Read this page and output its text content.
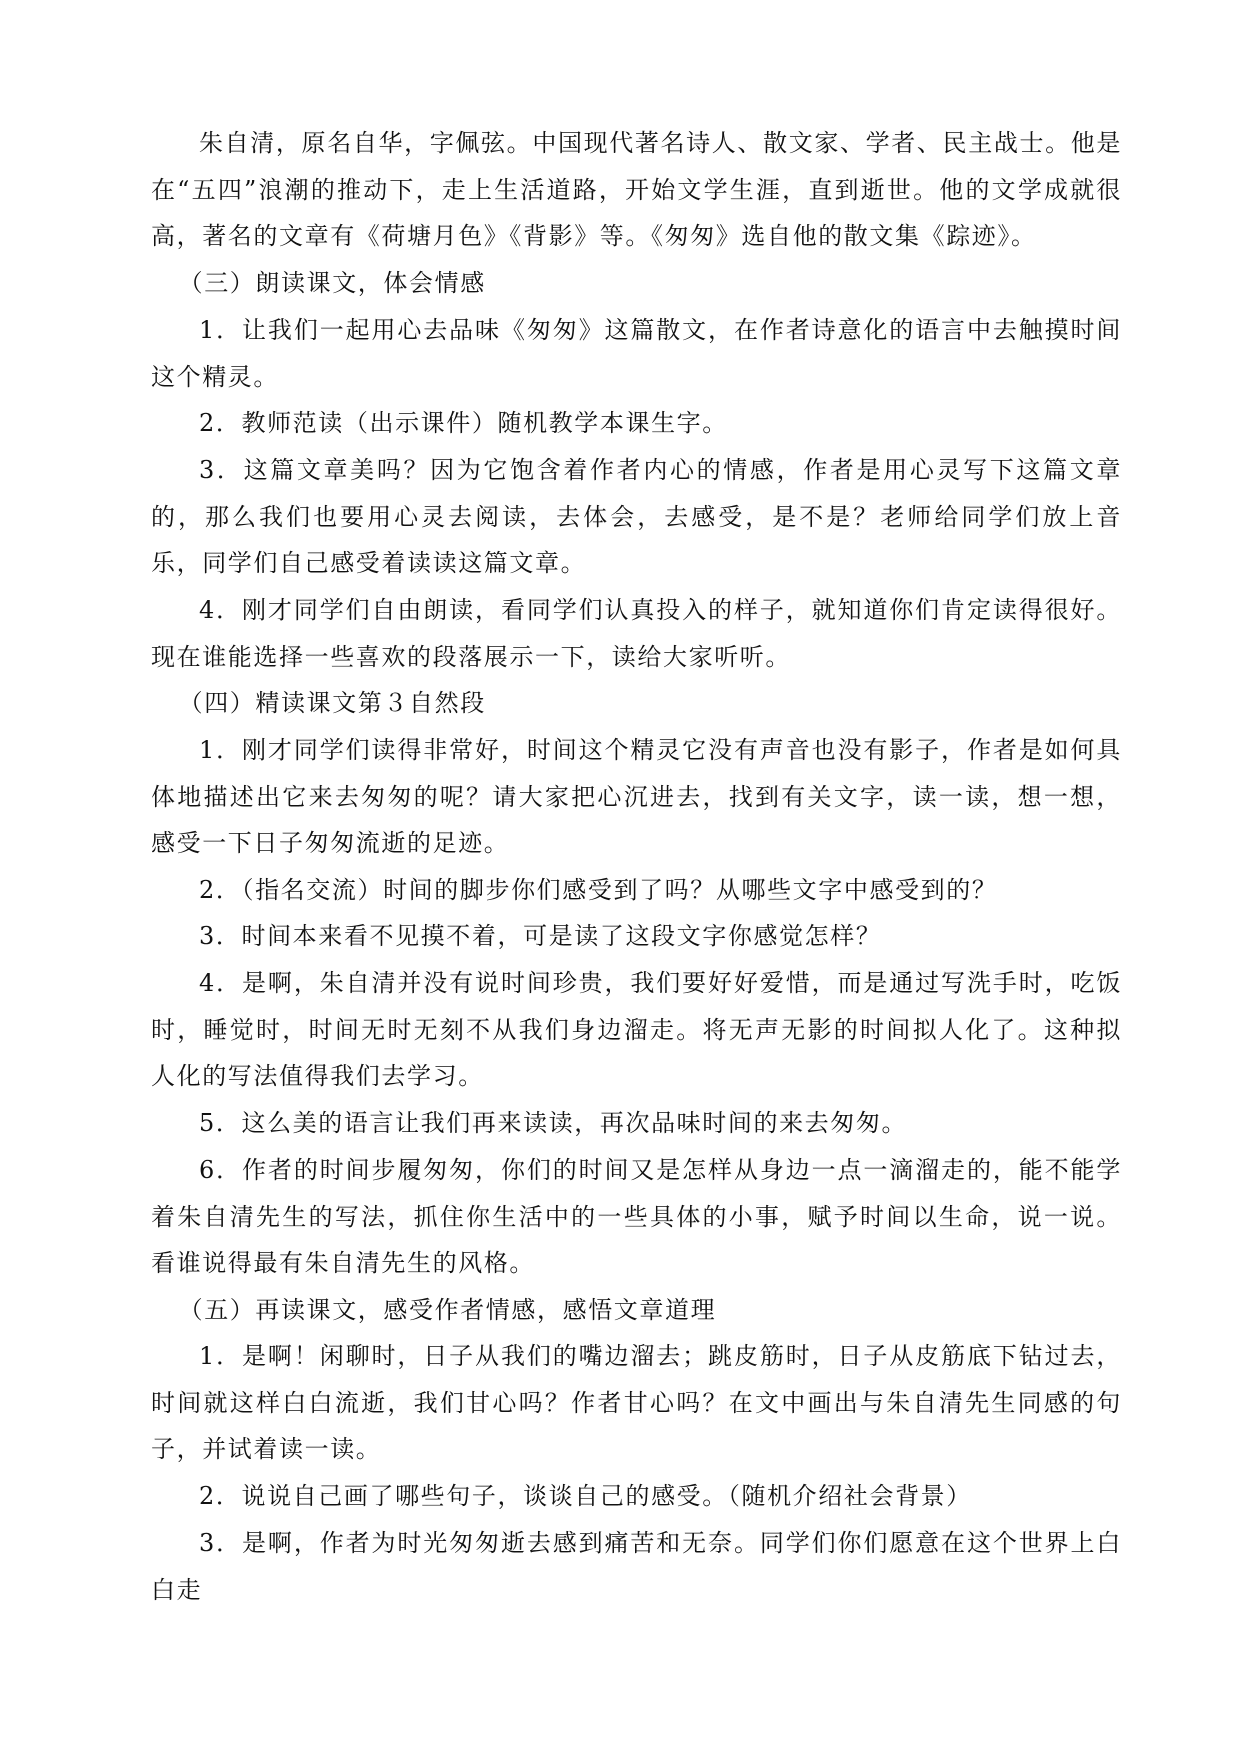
朱自清，原名自华，字佩弦。中国现代著名诗人、散文家、学者、民主战士。他是在“五四”浪潮的推动下，走上生活道路，开始文学生涯，直到逝世。他的文学成就很高，著名的文章有《荷塘月色》《背影》等。《匆匆》选自他的散文集《踪迹》。

（三）朗读课文，体会情感

1．让我们一起用心去品味《匆匆》这篇散文，在作者诗意化的语言中去触摸时间这个精灵。

2．教师范读（出示课件）随机教学本课生字。

3．这篇文章美吗？因为它饱含着作者内心的情感，作者是用心灵写下这篇文章的，那么我们也要用心灵去阅读，去体会，去感受，是不是？老师给同学们放上音乐，同学们自己感受着读读这篇文章。

4．刚才同学们自由朗读，看同学们认真投入的样子，就知道你们肯定读得很好。现在谁能选择一些喜欢的段落展示一下，读给大家听听。

（四）精读课文第３自然段

1．刚才同学们读得非常好，时间这个精灵它没有声音也没有影子，作者是如何具体地描述出它来去匆匆的呢？请大家把心沉进去，找到有关文字，读一读，想一想，感受一下日子匆匆流逝的足迹。

2．（指名交流）时间的脚步你们感受到了吗？从哪些文字中感受到的？

3．时间本来看不见摸不着，可是读了这段文字你感觉怎样？

4．是啊，朱自清并没有说时间珍贵，我们要好好爱惜，而是通过写洗手时，吃饭时，睡觉时，时间无时无刻不从我们身边溜走。将无声无影的时间拟人化了。这种拟人化的写法值得我们去学习。

5．这么美的语言让我们再来读读，再次品味时间的来去匆匆。

6．作者的时间步履匆匆，你们的时间又是怎样从身边一点一滴溜走的，能不能学着朱自清先生的写法，抓住你生活中的一些具体的小事，赋予时间以生命，说一说。看谁说得最有朱自清先生的风格。

（五）再读课文，感受作者情感，感悟文章道理

1．是啊！闲聊时，日子从我们的嘴边溜去；跳皮筋时，日子从皮筋底下钻过去，时间就这样白白流逝，我们甘心吗？作者甘心吗？在文中画出与朱自清先生同感的句子，并试着读一读。

2．说说自己画了哪些句子，谈谈自己的感受。（随机介绍社会背景）

3．是啊，作者为时光匆匆逝去感到痛苦和无奈。同学们你们愿意在这个世界上白白走
